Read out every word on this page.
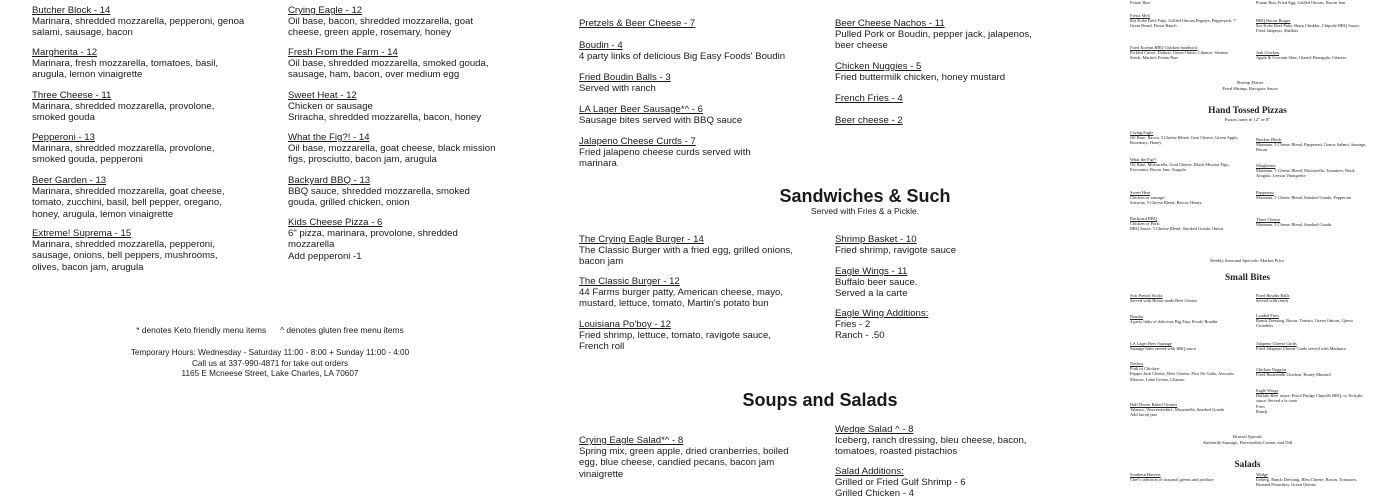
Butcher Block - 14
Marinara, shredded mozzarella, pepperoni, genoa salami, sausage, bacon
Margherita - 12
Marinara, fresh mozzarella, tomatoes, basil, arugula, lemon vinaigrette
Three Cheese - 11
Marinara, shredded mozzarella, provolone, smoked gouda
Pepperoni - 13
Marinara, shredded mozzarella, provolone, smoked gouda, pepperoni
Beer Garden - 13
Marinara, shredded mozzarella, goat cheese, tomato, zucchini, basil, bell pepper, oregano, honey, arugula, lemon vinaigrette
Extreme! Suprema - 15
Marinara, shredded mozzarella, pepperoni, sausage, onions, bell peppers, mushrooms, olives, bacon jam, arugula
Crying Eagle - 12
Oil base, bacon, shredded mozzarella, goat cheese, green apple, rosemary, honey
Fresh From the Farm - 14
Oil base, shredded mozzarella, smoked gouda, sausage, ham, bacon, over medium egg
Sweet Heat - 12
Chicken or sausage
Sriracha, shredded mozzarella, bacon, honey
What the Fig?! - 14
Oil base, mozzarella, goat cheese, black mission figs, prosciutto, bacon jam, arugula
Backyard BBQ - 13
BBQ sauce, shredded mozzarella, smoked gouda, grilled chicken, onion
Kids Cheese Pizza - 6
6" pizza, marinara, provolone, shredded mozzarella
Add pepperoni -1
* denotes Keto friendly menu items ^ denotes gluten free menu items
Temporary Hours: Wednesday - Saturday 11:00 - 8:00 + Sunday 11:00 - 4:00
Call us at 337-990-4871 for take out orders
1165 E Mcneese Street, Lake Charles, LA 70607
Pretzels & Beer Cheese - 7
Boudin - 4
4 party links of delicious Big Easy Foods' Boudin
Fried Boudin Balls - 3
Served with ranch
LA Lager Beer Sausage*^ - 6
Sausage bites served with BBQ sauce
Jalapeno Cheese Curds - 7
Fried jalapeno cheese curds served with marinara
Beer Cheese Nachos - 11
Pulled Pork or Boudin, pepper jack, jalapenos, beer cheese
Chicken Nuggies - 5
Fried buttermilk chicken, honey mustard
French Fries - 4
Beer cheese - 2
Sandwiches & Such
Served with Fries & a Pickle.
The Crying Eagle Burger - 14
The Classic Burger with a fried egg, grilled onions, bacon jam
The Classic Burger - 12
44 Farms burger patty, American cheese, mayo, mustard, lettuce, tomato, Martin's potato bun
Louisiana Po'boy - 12
Fried shrimp, lettuce, tomato, ravigote sauce, French roll
Shrimp Basket - 10
Fried shrimp, ravigote sauce
Eagle Wings - 11
Buffalo beer sauce.
Served a la carte
Eagle Wing Additions:
Fries - 2
Ranch - .50
Soups and Salads
Crying Eagle Salad*^ - 8
Spring mix, green apple, dried cranberries, boiled egg, blue cheese, candied pecans, bacon jam vinaigrette
Wedge Salad ^ - 8
Iceberg, ranch dressing, bleu cheese, bacon, tomatoes, roasted pistachios
Salad Additions:
Grilled or Fried Gulf Shrimp - 6
Grilled Chicken - 4
Potato Bun
Fiesta Melt
8oz Kobe Beef Patty, Grilled Onions,Peppers, Pepperjack, 7 Grain Bread, Fiesta Ranch
Fried Korean BBQ Chicken Sandwich
Pickled Carrot, Daikon, Green Onion, Cilantro, Sesame Seeds, Martin's Potato Bun
Potato Bun, Fried Egg, Grilled Onions, Bacon Jam
BBQ Bacon Burger
8oz Kobe Beef Patty Sharp Cheddar, Chipotle BBQ Sauce, Fried Jalapeno, Shallots
Jerk Chicken
Apple & Coconut Slaw, Glazed Pineapple, Cilantro
Shrimp Platter
Fried Shrimp, Ravigote Sauce
Hand Tossed Pizzas
Pizzas come in 12" or 8"
Crying Eagle
Oil Base, Bacon, 5 Cheese Blend, Goat Cheese, Green Apple, Rosemary, Honey
What the Fig?!
Oil Base, Mozzarella, Goat Cheese, Black Mission Figs, Prosciutto, Bacon Jam, Arugula
Sweet Heat
Chicken or sausage:
Sriracha, 5 Cheese Blend, Bacon, Honey
Backyard BBQ
Chicken or Pork:
BBQ Sauce, 5 Cheese Blend, Smoked Gouda, Onion
Butcher Block
Marinara, 5 Cheese Blend, Pepperoni, Genoa Salami, Sausage, Bacon
Margherita
Marinara, 5 Cheese Blend, Mozzarella, Tomatoes, Basil, Arugula, Lemon Vinaigrette
Pepperoni
Marinara, 5 Cheese Blend, Smoked Gouda, Pepperoni
Three Cheese
Marinara, 5 Cheese Blend, Smoked Gouda
Weekly Seasonal Specials: Market Price.
Small Bites
Soft Pretzel Sticks
Served with House made Beer Cheese
Boudin
4 party links of delicious Big Easy Foods' Boudin
LA Lager Beer Sausage
Sausage bites served with BBQ sauce
Nachos
Pork or Chicken:
Pepper Jack Cheese, Beer Cheese, Pico De Gallo, Avocado Mousse, Lime Crema, Cilantro
Half Dozen Baked Oysters
Tabasco, Worcestershire, Mozzarella, Smoked Gouda
Add bacon jam
Fried Boudin Balls
Served with ranch
Loaded Fries
Ranch Dressing, Bacon, Tomato, Green Onions, Queso Crumbles
Jalapeno Cheese Curds
Fried Jalapeno Cheese Curds served with Marinara
Chicken Nuggies
Fried Buttermilk Chicken, Honey Mustard
Eagle Wings
Buffalo Beer sauce, Pistol Bridge Chipotle BBQ, or Teriyaki sauce. Served a la carte
Fries
Ranch
Brussel Sprouts
Andouille Sausage, Horseradish Cream, and Dill
Salads
Southern Harvest
Chef's selection of seasonal greens and produce
Wedge
Iceberg, Ranch Dressing, Bleu Cheese, Bacon, Tomatoes, Roasted Pistachios, Green Onions
